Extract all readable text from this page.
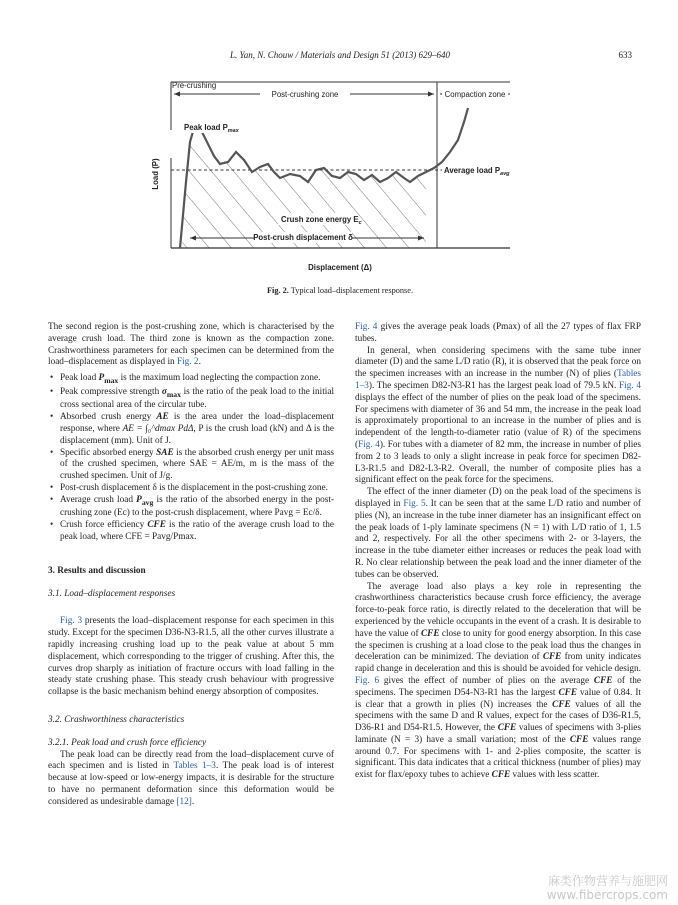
L. Yan, N. Chouw / Materials and Design 51 (2013) 629–640	633
Post-crushing zone	Compaction zone
Pre-crushing
Peak load $P_{max}$
Average load $P_{avg}$
Crush zone energy $E_c$
Post-crush displacement δ
Load (P)
Displacement (Δ)
Fig. 2. Typical load–displacement response.

The second region is the post-crushing zone, which is characterised by the average crush load. The third zone is known as the compaction zone. Crashworthiness parameters for each specimen can be determined from the load–displacement as displayed in Fig. 2.

• Peak load $P_{max}$ is the maximum load neglecting the compaction zone.
• Peak compressive strength $\sigma_{max}$ is the ratio of the peak load to the initial cross sectional area of the circular tube.
• Absorbed crush energy AE is the area under the load–displacement response, where AE = ∫₀^dmax PdΔ, P is the crush load (kN) and Δ is the displacement (mm). Unit of J.
• Specific absorbed energy SAE is the absorbed crush energy per unit mass of the crushed specimen, where SAE = AE/m, m is the mass of the crushed specimen. Unit of J/g.
• Post-crush displacement δ is the displacement in the post-crushing zone.
• Average crush load $P_{avg}$ is the ratio of the absorbed energy in the post-crushing zone (Ec) to the post-crush displacement, where Pavg = Ec/δ.
• Crush force efficiency CFE is the ratio of the average crush load to the peak load, where CFE = Pavg/Pmax.

3. Results and discussion

3.1. Load–displacement responses

Fig. 3 presents the load–displacement response for each specimen in this study. Except for the specimen D36-N3-R1.5, all the other curves illustrate a rapidly increasing crushing load up to the peak value at about 5 mm displacement, which corresponding to the trigger of crushing. After this, the curves drop sharply as initiation of fracture occurs with load falling in the steady state crushing phase. This steady crush behaviour with progressive collapse is the basic mechanism behind energy absorption of composites.

3.2. Crashworthiness characteristics

3.2.1. Peak load and crush force efficiency

The peak load can be directly read from the load–displacement curve of each specimen and is listed in Tables 1–3. The peak load is of interest because at low-speed or low-energy impacts, it is desirable for the structure to have no permanent deformation since this deformation would be considered as undesirable damage [12].

Fig. 4 gives the average peak loads (Pmax) of all the 27 types of flax FRP tubes.

In general, when considering specimens with the same tube inner diameter (D) and the same L/D ratio (R), it is observed that the peak force on the specimen increases with an increase in the number (N) of plies (Tables 1–3). The specimen D82-N3-R1 has the largest peak load of 79.5 kN. Fig. 4 displays the effect of the number of plies on the peak load of the specimens. For specimens with diameter of 36 and 54 mm, the increase in the peak load is approximately proportional to an increase in the number of plies and is independent of the length-to-diameter ratio (value of R) of the specimens (Fig. 4). For tubes with a diameter of 82 mm, the increase in number of plies from 2 to 3 leads to only a slight increase in peak force for specimen D82-L3-R1.5 and D82-L3-R2. Overall, the number of composite plies has a significant effect on the peak force for the specimens.

The effect of the inner diameter (D) on the peak load of the specimens is displayed in Fig. 5. It can be seen that at the same L/D ratio and number of plies (N), an increase in the tube inner diameter has an insignificant effect on the peak loads of 1-ply laminate specimens (N = 1) with L/D ratio of 1, 1.5 and 2, respectively. For all the other specimens with 2- or 3-layers, the increase in the tube diameter either increases or reduces the peak load with R. No clear relationship between the peak load and the inner diameter of the tubes can be observed.

The average load also plays a key role in representing the crashworthiness characteristics because crush force efficiency, the average force-to-peak force ratio, is directly related to the deceleration that will be experienced by the vehicle occupants in the event of a crash. It is desirable to have the value of CFE close to unity for good energy absorption. In this case the specimen is crushing at a load close to the peak load thus the changes in deceleration can be minimized. The deviation of CFE from unity indicates rapid change in deceleration and this is should be avoided for vehicle design. Fig. 6 gives the effect of number of plies on the average CFE of the specimens. The specimen D54-N3-R1 has the largest CFE value of 0.84. It is clear that a growth in plies (N) increases the CFE values of all the specimens with the same D and R values, expect for the cases of D36-R1.5, D36-R1 and D54-R1.5. However, the CFE values of specimens with 3-plies laminate (N = 3) have a small variation; most of the CFE values range around 0.7. For specimens with 1- and 2-plies composite, the scatter is significant. This data indicates that a critical thickness (number of plies) may exist for flax/epoxy tubes to achieve CFE values with less scatter.

麻类作物营养与施肥网
www.fibercrops.com
